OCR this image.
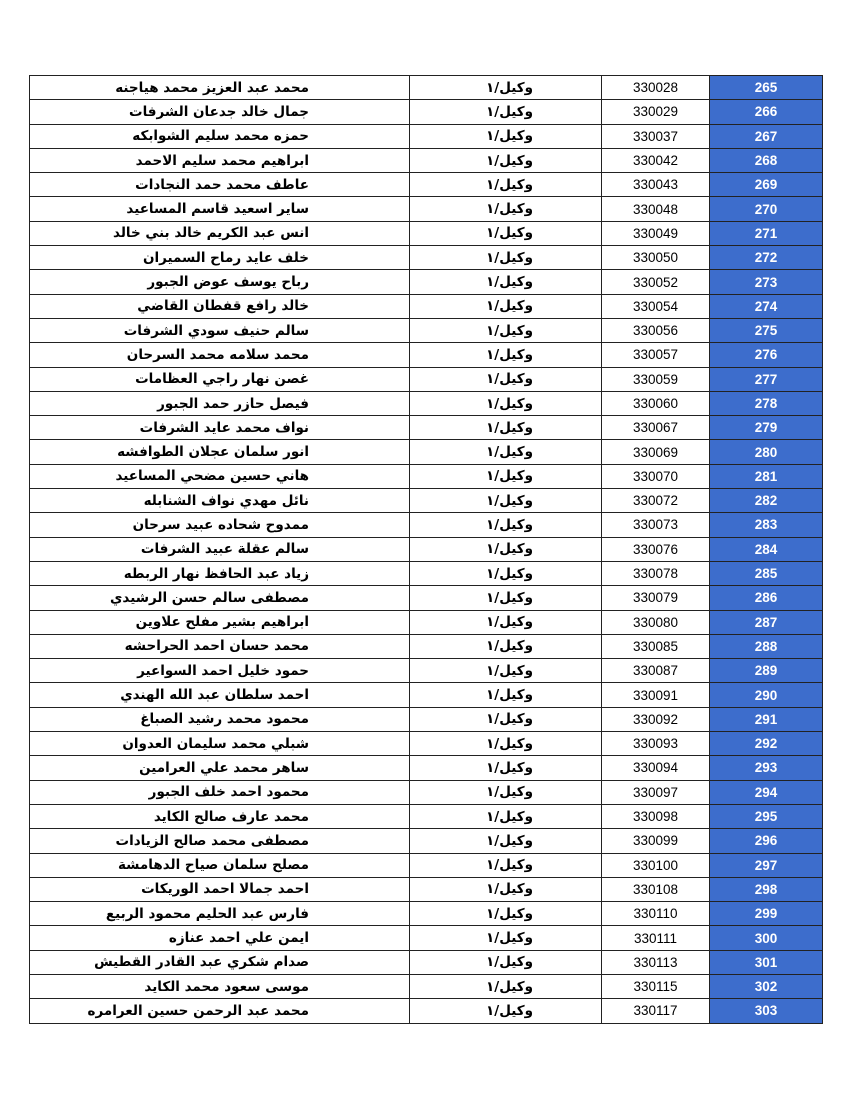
محمد عبد العزيز محمد هياجنه	وكيل/١	330028	265
جمال خالد جدعان الشرفات	وكيل/١	330029	266
حمزه محمد سليم الشوابكه	وكيل/١	330037	267
ابراهيم محمد سليم الاحمد	وكيل/١	330042	268
عاطف محمد حمد النجادات	وكيل/١	330043	269
ساير اسعيد قاسم المساعيد	وكيل/١	330048	270
انس عبد الكريم خالد بني خالد	وكيل/١	330049	271
خلف عايد رماح السميران	وكيل/١	330050	272
رباح يوسف عوض الجبور	وكيل/١	330052	273
خالد رافع قفطان القاضي	وكيل/١	330054	274
سالم حنيف سودي الشرفات	وكيل/١	330056	275
محمد سلامه محمد السرحان	وكيل/١	330057	276
غصن نهار راجي العظامات	وكيل/١	330059	277
فيصل حازر حمد الجبور	وكيل/١	330060	278
نواف محمد عايد الشرفات	وكيل/١	330067	279
انور سلمان عجلان الطوافشه	وكيل/١	330069	280
هاني حسين مضحي المساعيد	وكيل/١	330070	281
نائل مهدي نواف الشنابله	وكيل/١	330072	282
ممدوح شحاده عبيد سرحان	وكيل/١	330073	283
سالم عقلة عبيد الشرفات	وكيل/١	330076	284
زياد عبد الحافظ نهار الربطه	وكيل/١	330078	285
مصطفى سالم حسن الرشيدي	وكيل/١	330079	286
ابراهيم بشير مفلح علاوين	وكيل/١	330080	287
محمد حسان احمد الحراحشه	وكيل/١	330085	288
حمود خليل احمد السواعير	وكيل/١	330087	289
احمد سلطان عبد الله الهندي	وكيل/١	330091	290
محمود محمد رشيد الصباغ	وكيل/١	330092	291
شبلي محمد سليمان العدوان	وكيل/١	330093	292
ساهر محمد علي العرامين	وكيل/١	330094	293
محمود احمد خلف الجبور	وكيل/١	330097	294
محمد عارف صالح الكايد	وكيل/١	330098	295
مصطفى محمد صالح الزيادات	وكيل/١	330099	296
مصلح سلمان صياح الدهامشة	وكيل/١	330100	297
احمد جمالا احمد الوريكات	وكيل/١	330108	298
فارس عبد الحليم محمود الربيع	وكيل/١	330110	299
ايمن علي احمد عنازه	وكيل/١	330111	300
صدام شكري عبد القادر القطيش	وكيل/١	330113	301
موسى سعود محمد الكايد	وكيل/١	330115	302
محمد عبد الرحمن حسين العرامره	وكيل/١	330117	303
